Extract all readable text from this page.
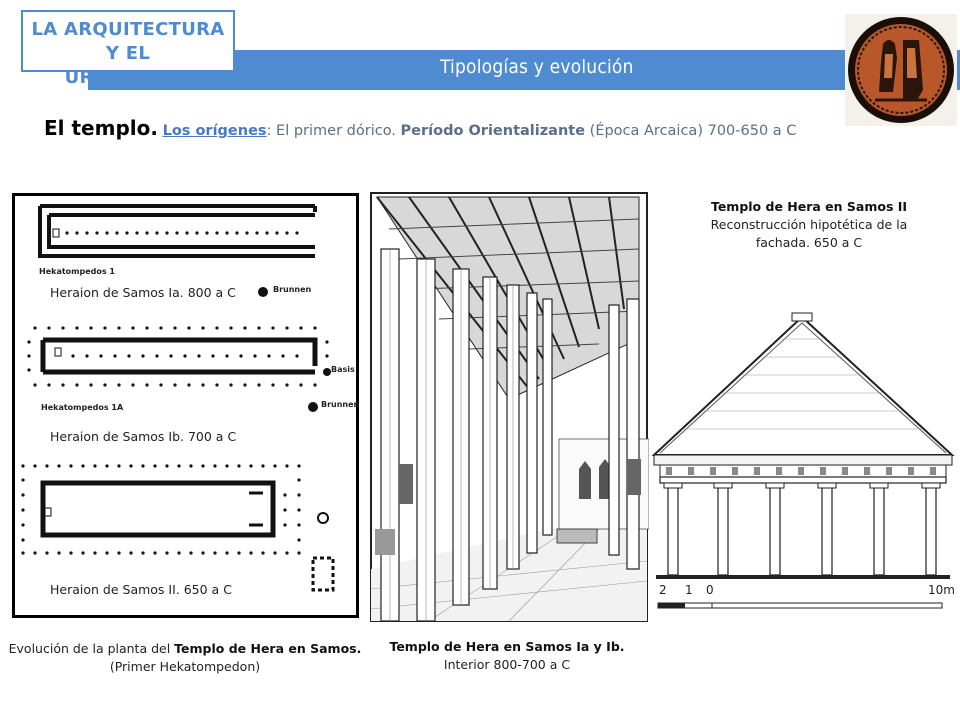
Tipologías y evolución
LA ARQUITECTURA Y EL
URBANISMO
El templo. Los orígenes: El primer dórico. Período Orientalizante (Época Arcaica) 700-650 a C
Hekatompedos 1
Heraion de Samos Ia. 800 a C	Brunnen
Basis
Hekatompedos 1A	Brunnen
Heraion de Samos Ib. 700 a C
Heraion de Samos II. 650 a C	2 1 0	10m
Templo de Hera en Samos II
Reconstrucción hipotética de la
fachada. 650 a C
Evolución de la planta del Templo de Hera en Samos.
(Primer Hekatompedon)
Templo de Hera en Samos Ia y Ib.
Interior 800-700 a C
